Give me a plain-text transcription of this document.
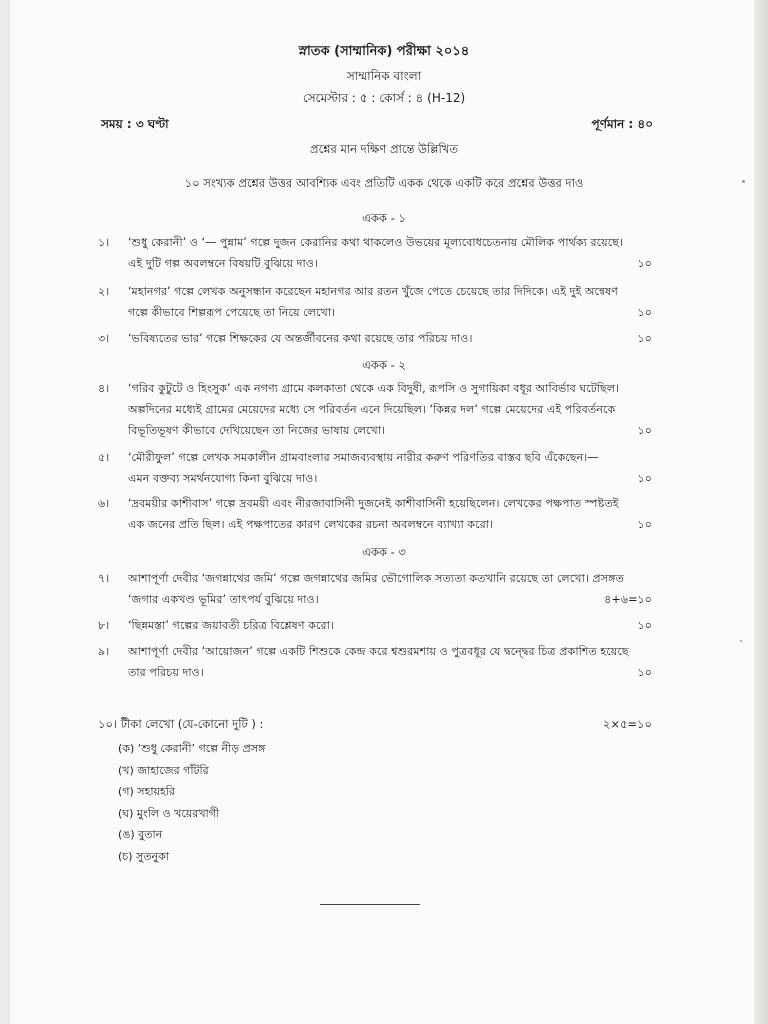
স্নাতক (সাম্মানিক) পরীক্ষা ২০১৪
সাম্মানিক বাংলা
সেমেস্টার : ৫ : কোর্স : ৪ (H-12)
সময় : ৩ ঘণ্টা	পূর্ণমান : ৪০
প্রশ্নের মান দক্ষিণ প্রান্তে উল্লিখিত
১০ সংখ্যক প্রশ্নের উত্তর আবশ্যিক এবং প্রতিটি একক থেকে একটি করে প্রশ্নের উত্তর দাও
একক - ১
১।	‘শুধু কেরানী’ ও ‘— পুন্নাম’ গল্পে দুজন কেরানির কথা থাকলেও উভয়ের মূল্যবোধচেতনায় মৌলিক পার্থক্য রয়েছে।
এই দুটি গল্প অবলম্বনে বিষয়টি বুঝিয়ে দাও।	১০
২।	‘মহানগর’ গল্পে লেখক অনুসন্ধান করেছেন মহানগর আর রতন খুঁজে পেতে চেয়েছে তার দিদিকে। এই দুই অন্বেষণ
গল্পে কীভাবে শিল্পরূপ পেয়েছে তা নিয়ে লেখো।	১০
৩।	‘ভবিষ্যতের ভার’ গল্পে শিক্ষকের যে অন্তর্জীবনের কথা রয়েছে তার পরিচয় দাও।	১০
একক - ২
৪।	‘গরিব কুটুটে ও হিংসুক’ এক নগণ্য গ্রামে কলকাতা থেকে এক বিদুষী, রূপসি ও সুগায়িকা বধূর আবির্ভাব ঘটেছিল।
অল্পদিনের মধ্যেই গ্রামের মেয়েদের মধ্যে সে পরিবর্তন এনে দিয়েছিল। ‘কিন্নর দল’ গল্পে মেয়েদের এই পরিবর্তনকে
বিভূতিভূষণ কীভাবে দেখিয়েছেন তা নিজের ভাষায় লেখো।	১০
৫।	‘মৌরীফুল’ গল্পে লেখক সমকালীন গ্রামবাংলার সমাজব্যবস্থায় নারীর করুণ পরিণতির বাস্তব ছবি এঁকেছেন।—
এমন বক্তব্য সমর্থনযোগ্য কিনা বুঝিয়ে দাও।	১০
৬।	‘দ্রবময়ীর কাশীবাস’ গল্পে দ্রবময়ী এবং নীরজাবাসিনী দুজনেই কাশীবাসিনী হয়েছিলেন। লেখকের পক্ষপাত স্পষ্টতই
এক জনের প্রতি ছিল। এই পক্ষপাতের কারণ লেখকের রচনা অবলম্বনে ব্যাখ্যা করো।	১০
একক - ৩
৭।	আশাপূর্ণা দেবীর ‘জগন্নাথের জমি’ গল্পে জগন্নাথের জমির ভৌগোলিক সত্যতা কতখানি রয়েছে তা লেখো। প্রসঙ্গত
‘জগার একখণ্ড ভূমির’ তাৎপর্য বুঝিয়ে দাও।	৪+৬=১০
৮।	‘ছিন্নমস্তা’ গল্পের জয়াবতী চরিত্র বিশ্লেষণ করো।	১০
৯।	আশাপূর্ণা দেবীর ‘আয়োজন’ গল্পে একটি শিশুকে কেন্দ্র করে শ্বশুরমশায় ও পুত্রবধূর যে দ্বন্দ্বের চিত্র প্রকাশিত হয়েছে
তার পরিচয় দাও।	১০
১০। টীকা লেখো (যে-কোনো দুটি ) :	২×৫=১০
(ক) ‘শুধু কেরানী’ গল্পে নীড় প্রসঙ্গ
(খ) জাহাজের গাঁটরি
(গ) সহায়হরি
(ঘ) মুংলি ও খয়েরখাগী
(ঙ) বুতান
(চ) সুতনুকা
